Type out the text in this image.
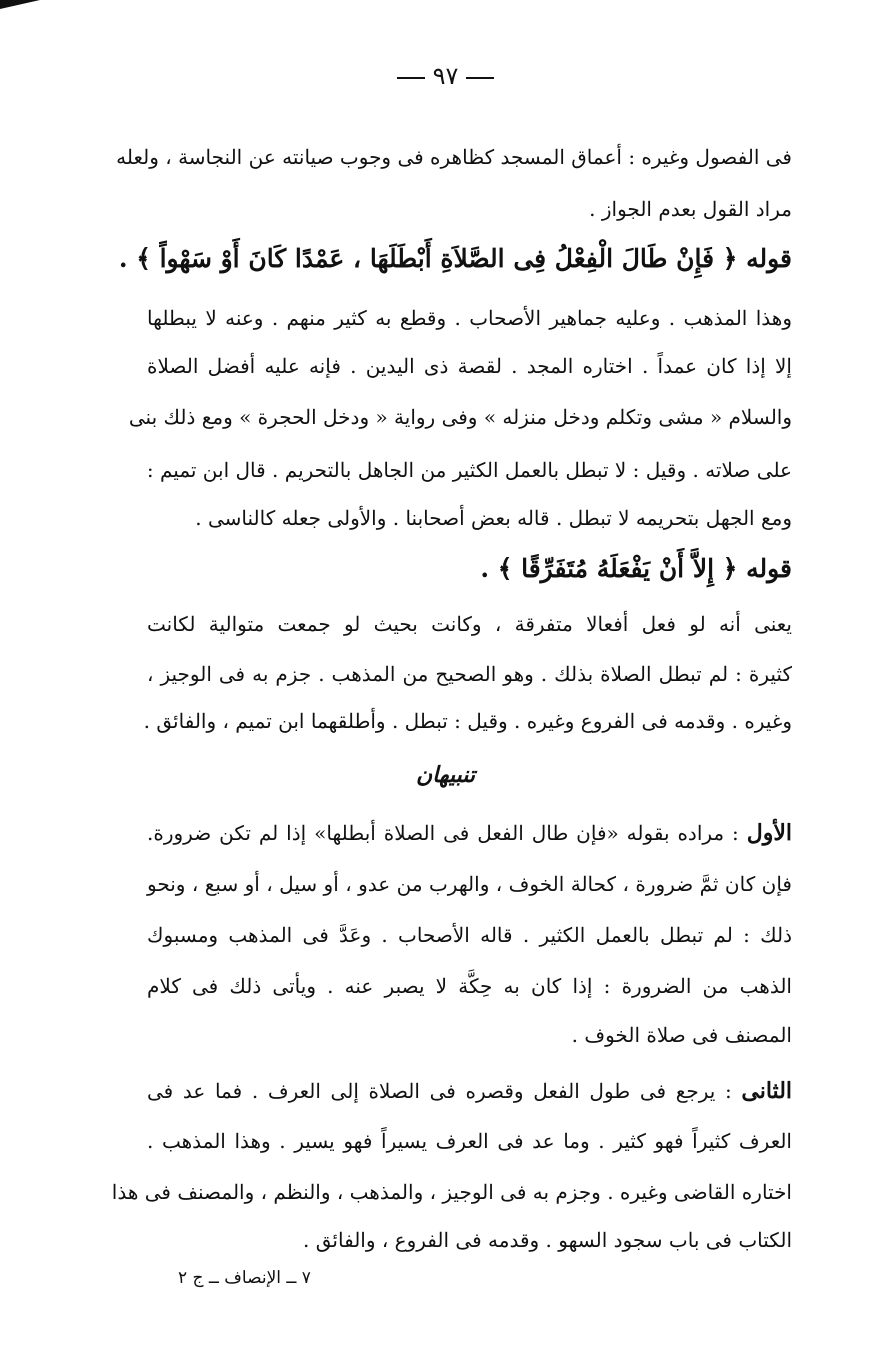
٩٧
فى الفصول وغيره : أعماق المسجد كظاهره فى وجوب صيانته عن النجاسة ، ولعله
مراد القول بعدم الجواز .
قوله ﴿ فَإِنْ طَالَ الْفِعْلُ فِى الصَّلاَةِ أَبْطَلَهَا ، عَمْدًا كَانَ أَوْ سَهْواً ﴾ .
وهذا المذهب . وعليه جماهير الأصحاب . وقطع به كثير منهم . وعنه لا يبطلها
إلا إذا كان عمداً . اختاره المجد . لقصة ذى اليدين . فإنه عليه أفضل الصلاة
والسلام « مشى وتكلم ودخل منزله » وفى رواية « ودخل الحجرة » ومع ذلك بنى
على صلاته . وقيل : لا تبطل بالعمل الكثير من الجاهل بالتحريم . قال ابن تميم :
ومع الجهل بتحريمه لا تبطل . قاله بعض أصحابنا . والأولى جعله كالناسى .
قوله ﴿ إِلاَّ أَنْ يَفْعَلَهُ مُتَفَرِّقًا ﴾ .
يعنى أنه لو فعل أفعالا متفرقة ، وكانت بحيث لو جمعت متوالية لكانت
كثيرة : لم تبطل الصلاة بذلك . وهو الصحيح من المذهب . جزم به فى الوجيز ،
وغيره . وقدمه فى الفروع وغيره . وقيل : تبطل . وأطلقهما ابن تميم ، والفائق .
تنبيهان
الأول : مراده بقوله «فإن طال الفعل فى الصلاة أبطلها» إذا لم تكن ضرورة.
فإن كان ثمَّ ضرورة ، كحالة الخوف ، والهرب من عدو ، أو سيل ، أو سبع ، ونحو
ذلك : لم تبطل بالعمل الكثير . قاله الأصحاب . وعَدَّ فى المذهب ومسبوك
الذهب من الضرورة : إذا كان به حِكَّة لا يصبر عنه . ويأتى ذلك فى كلام
المصنف فى صلاة الخوف .
الثانى : يرجع فى طول الفعل وقصره فى الصلاة إلى العرف . فما عد فى
العرف كثيراً فهو كثير . وما عد فى العرف يسيراً فهو يسير . وهذا المذهب .
اختاره القاضى وغيره . وجزم به فى الوجيز ، والمذهب ، والنظم ، والمصنف فى هذا
الكتاب فى باب سجود السهو . وقدمه فى الفروع ، والفائق .
٧ ــ الإنصاف ــ ج ٢
